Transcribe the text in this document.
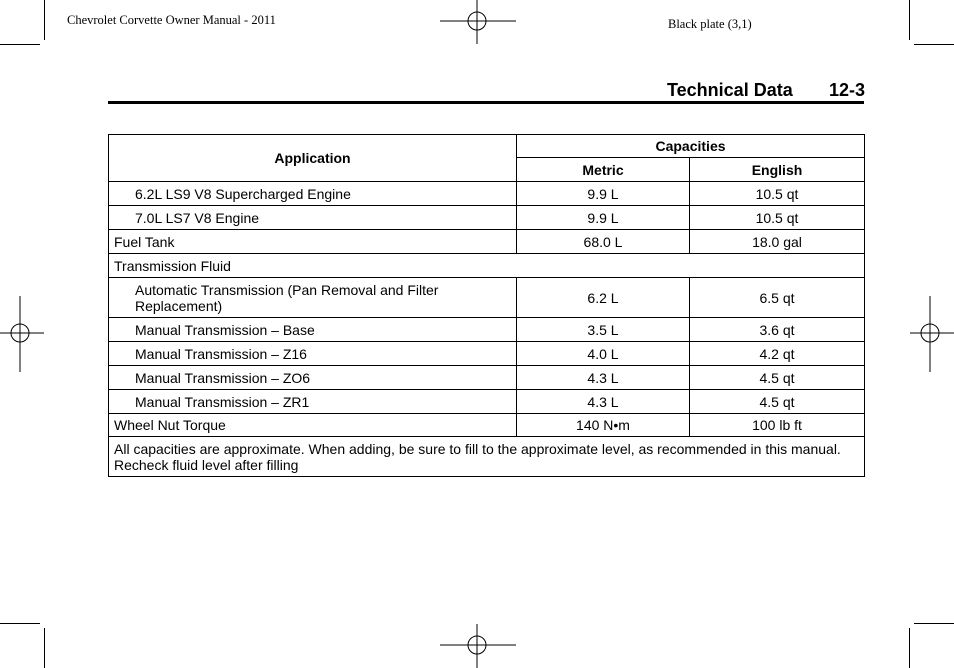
Chevrolet Corvette Owner Manual - 2011	Black plate (3,1)
Technical Data 12-3
Application	Capacities	
	Metric	English
6.2L LS9 V8 Supercharged Engine	9.9 L	10.5 qt
7.0L LS7 V8 Engine	9.9 L	10.5 qt
Fuel Tank	68.0 L	18.0 gal
Transmission Fluid		
Automatic Transmission (Pan Removal and Filter Replacement)	6.2 L	6.5 qt
Manual Transmission – Base	3.5 L	3.6 qt
Manual Transmission – Z16	4.0 L	4.2 qt
Manual Transmission – ZO6	4.3 L	4.5 qt
Manual Transmission – ZR1	4.3 L	4.5 qt
Wheel Nut Torque	140 N•m	100 lb ft
All capacities are approximate. When adding, be sure to fill to the approximate level, as recommended in this manual. Recheck fluid level after filling		
